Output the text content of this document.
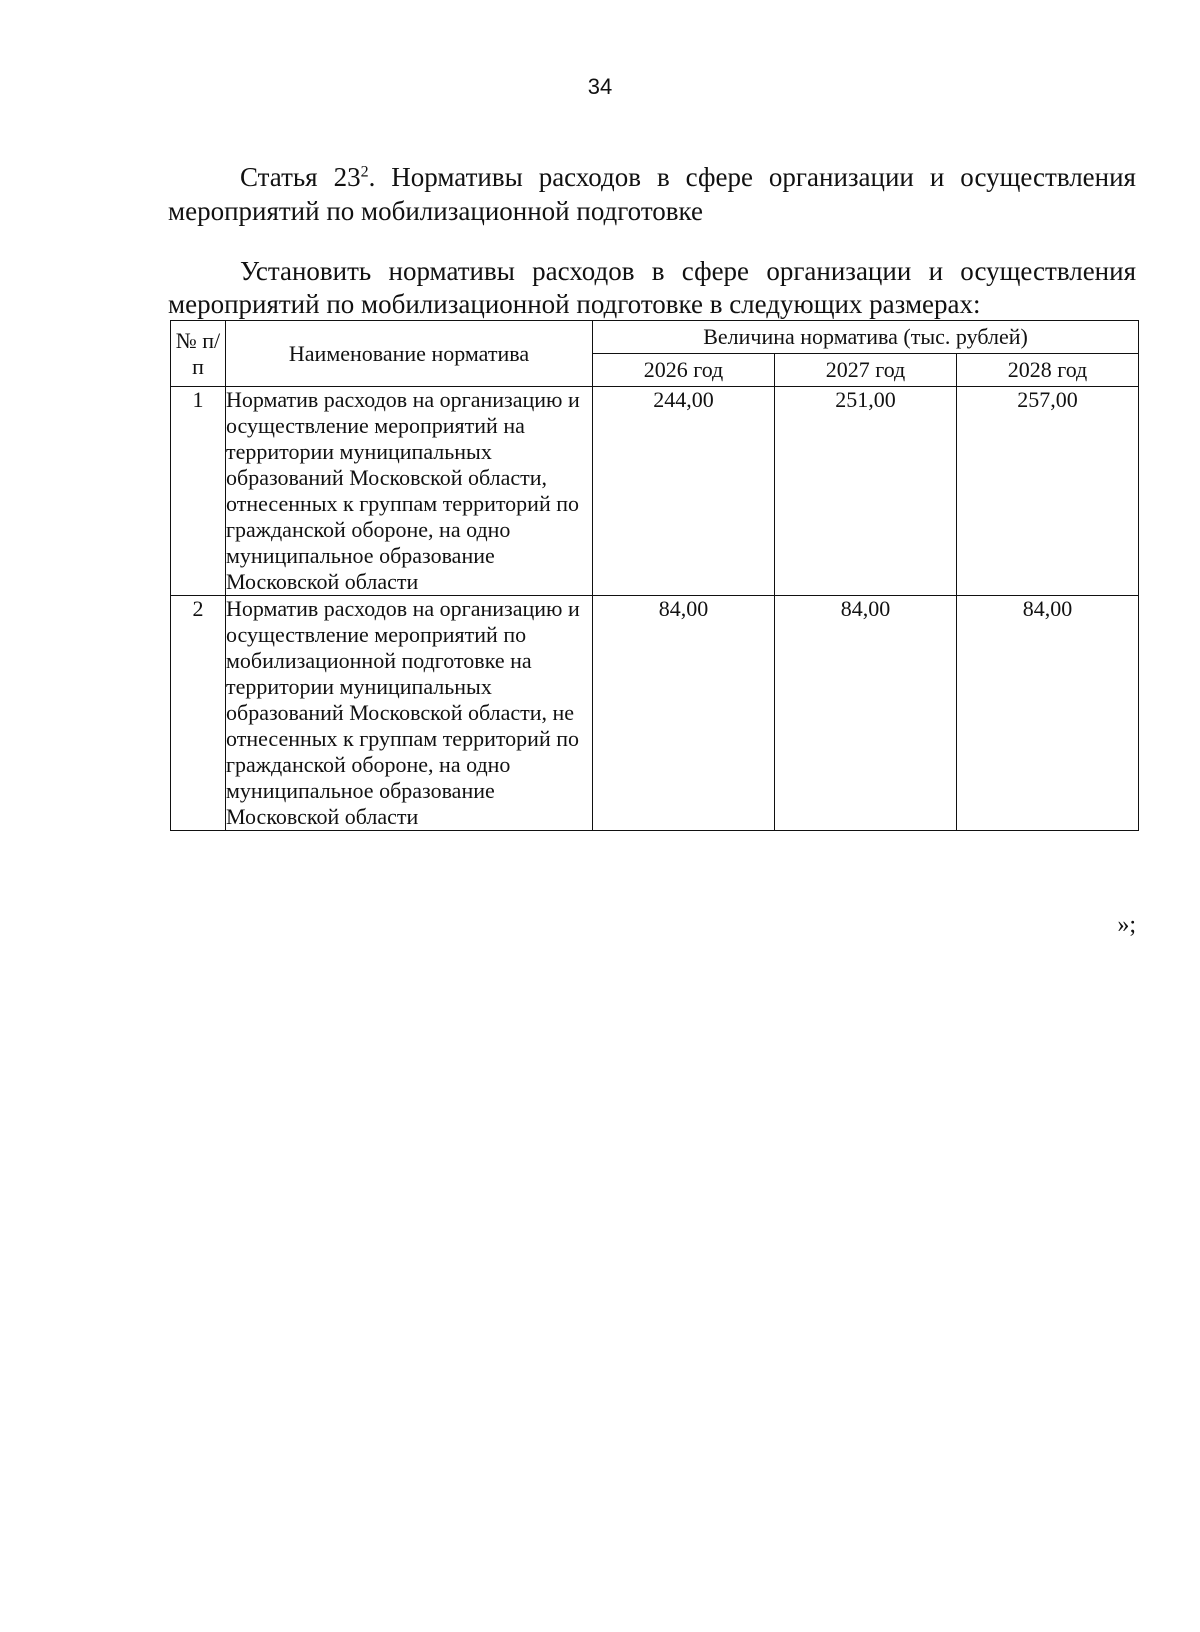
34
Статья $23^2$. Нормативы расходов в сфере организации и осуществления мероприятий по мобилизационной подготовке
Установить нормативы расходов в сфере организации и осуществления мероприятий по мобилизационной подготовке в следующих размерах:
№ п/п	Наименование норматива	Величина норматива (тыс. рублей)		
		2026 год	2027 год	2028 год
1	Норматив расходов на организацию и осуществление мероприятий на территории муниципальных образований Московской области, отнесенных к группам территорий по гражданской обороне, на одно муниципальное образование Московской области	244,00	251,00	257,00
2	Норматив расходов на организацию и осуществление мероприятий по мобилизационной подготовке на территории муниципальных образований Московской области, не отнесенных к группам территорий по гражданской обороне, на одно муниципальное образование Московской области	84,00	84,00	84,00
»;
